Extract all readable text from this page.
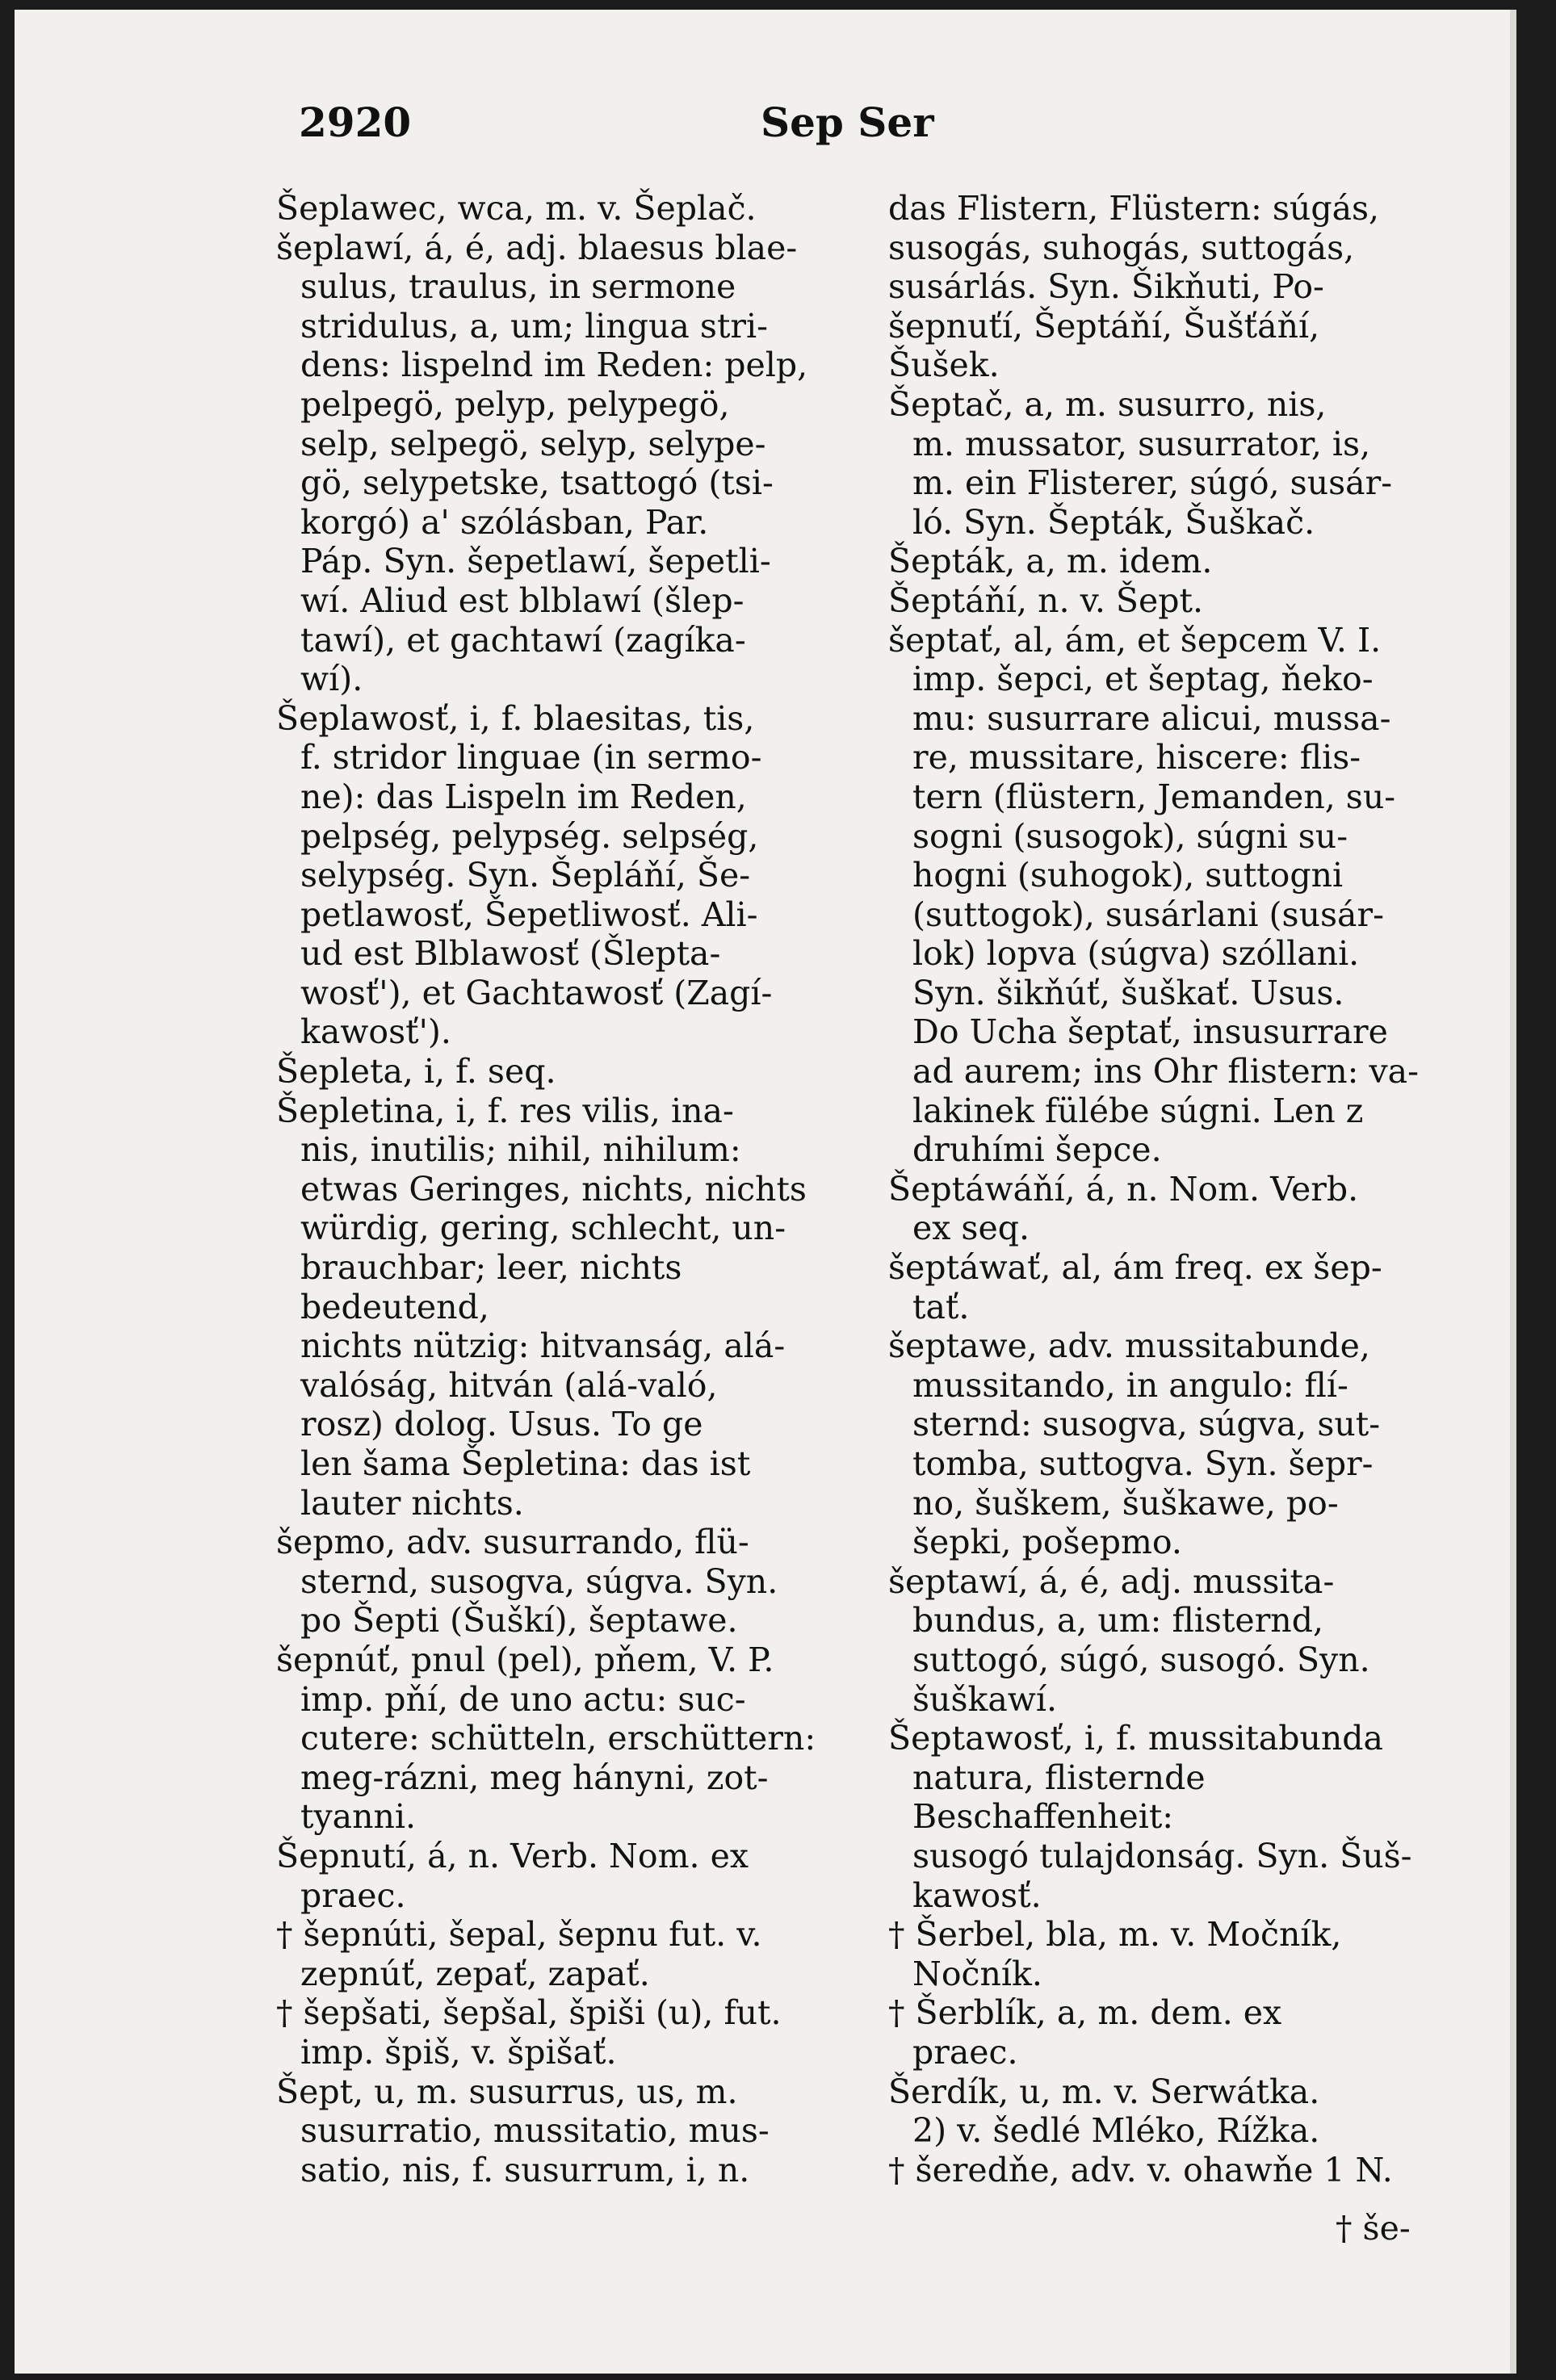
2920	Sep Ser
Šeplawec, wca, m. v. Šeplač.
šeplawí, á, é, adj. blaesus blae-
sulus, traulus, in sermone
stridulus, a, um; lingua stri-
dens: lispelnd im Reden: pelp,
pelpegö, pelyp, pelypegö,
selp, selpegö, selyp, selype-
gö, selypetske, tsattogó (tsi-
korgó) a' szólásban, Par.
Páp. Syn. šepetlawí, šepetli-
wí. Aliud est blblawí (šlep-
tawí), et gachtawí (zagíka-
wí).
Šeplawosť, i, f. blaesitas, tis,
f. stridor linguae (in sermo-
ne): das Lispeln im Reden,
pelpség, pelypség. selpség,
selypség. Syn. Šepláňí, Še-
petlawosť, Šepetliwosť. Ali-
ud est Blblawosť (Šlepta-
wosť'), et Gachtawosť (Zagí-
kawosť').
Šepleta, i, f. seq.
Šepletina, i, f. res vilis, ina-
nis, inutilis; nihil, nihilum:
etwas Geringes, nichts, nichts
würdig, gering, schlecht, un-
brauchbar; leer, nichts bedeutend,
nichts nützig: hitvanság, alá-
valóság, hitván (alá-való,
rosz) dolog. Usus. To ge
len šama Šepletina: das ist
lauter nichts.
šepmo, adv. susurrando, flü-
sternd, susogva, súgva. Syn.
po Šepti (Šuškí), šeptawe.
šepnúť, pnul (pel), pňem, V. P.
imp. pňí, de uno actu: suc-
cutere: schütteln, erschüttern:
meg-rázni, meg hányni, zot-
tyanni.
Šepnutí, á, n. Verb. Nom. ex
praec.
† šepnúti, šepal, šepnu fut. v.
zepnúť, zepať, zapať.
† šepšati, šepšal, špiši (u), fut.
imp. špiš, v. špišať.
Šept, u, m. susurrus, us, m.
susurratio, mussitatio, mus-
satio, nis, f. susurrum, i, n.
das Flistern, Flüstern: súgás,
susogás, suhogás, suttogás,
susárlás. Syn. Šikňuti, Po-
šepnuťí, Šeptáňí, Šušťáňí,
Šušek.
Šeptač, a, m. susurro, nis,
m. mussator, susurrator, is,
m. ein Flisterer, súgó, susár-
ló. Syn. Šepták, Šuškač.
Šepták, a, m. idem.
Šeptáňí, n. v. Šept.
šeptať, al, ám, et šepcem V. I.
imp. šepci, et šeptag, ňeko-
mu: susurrare alicui, mussa-
re, mussitare, hiscere: flis-
tern (flüstern, Jemanden, su-
sogni (susogok), súgni su-
hogni (suhogok), suttogni
(suttogok), susárlani (susár-
lok) lopva (súgva) szóllani.
Syn. šikňúť, šuškať. Usus.
Do Ucha šeptať, insusurrare
ad aurem; ins Ohr flistern: va-
lakinek fülébe súgni. Len z
druhími šepce.
Šeptáwáňí, á, n. Nom. Verb.
ex seq.
šeptáwať, al, ám freq. ex šep-
tať.
šeptawe, adv. mussitabunde,
mussitando, in angulo: flí-
sternd: susogva, súgva, sut-
tomba, suttogva. Syn. šepr-
no, šuškem, šuškawe, po-
šepki, pošepmo.
šeptawí, á, é, adj. mussita-
bundus, a, um: flisternd,
suttogó, súgó, susogó. Syn.
šuškawí.
Šeptawosť, i, f. mussitabunda
natura, flisternde Beschaffenheit:
susogó tulajdonság. Syn. Šuš-
kawosť.
† Šerbel, bla, m. v. Močník,
Nočník.
† Šerblík, a, m. dem. ex
praec.
Šerdík, u, m. v. Serwátka.
2) v. šedlé Mléko, Rížka.
† šeredňe, adv. v. ohawňe 1 N.
† še-
